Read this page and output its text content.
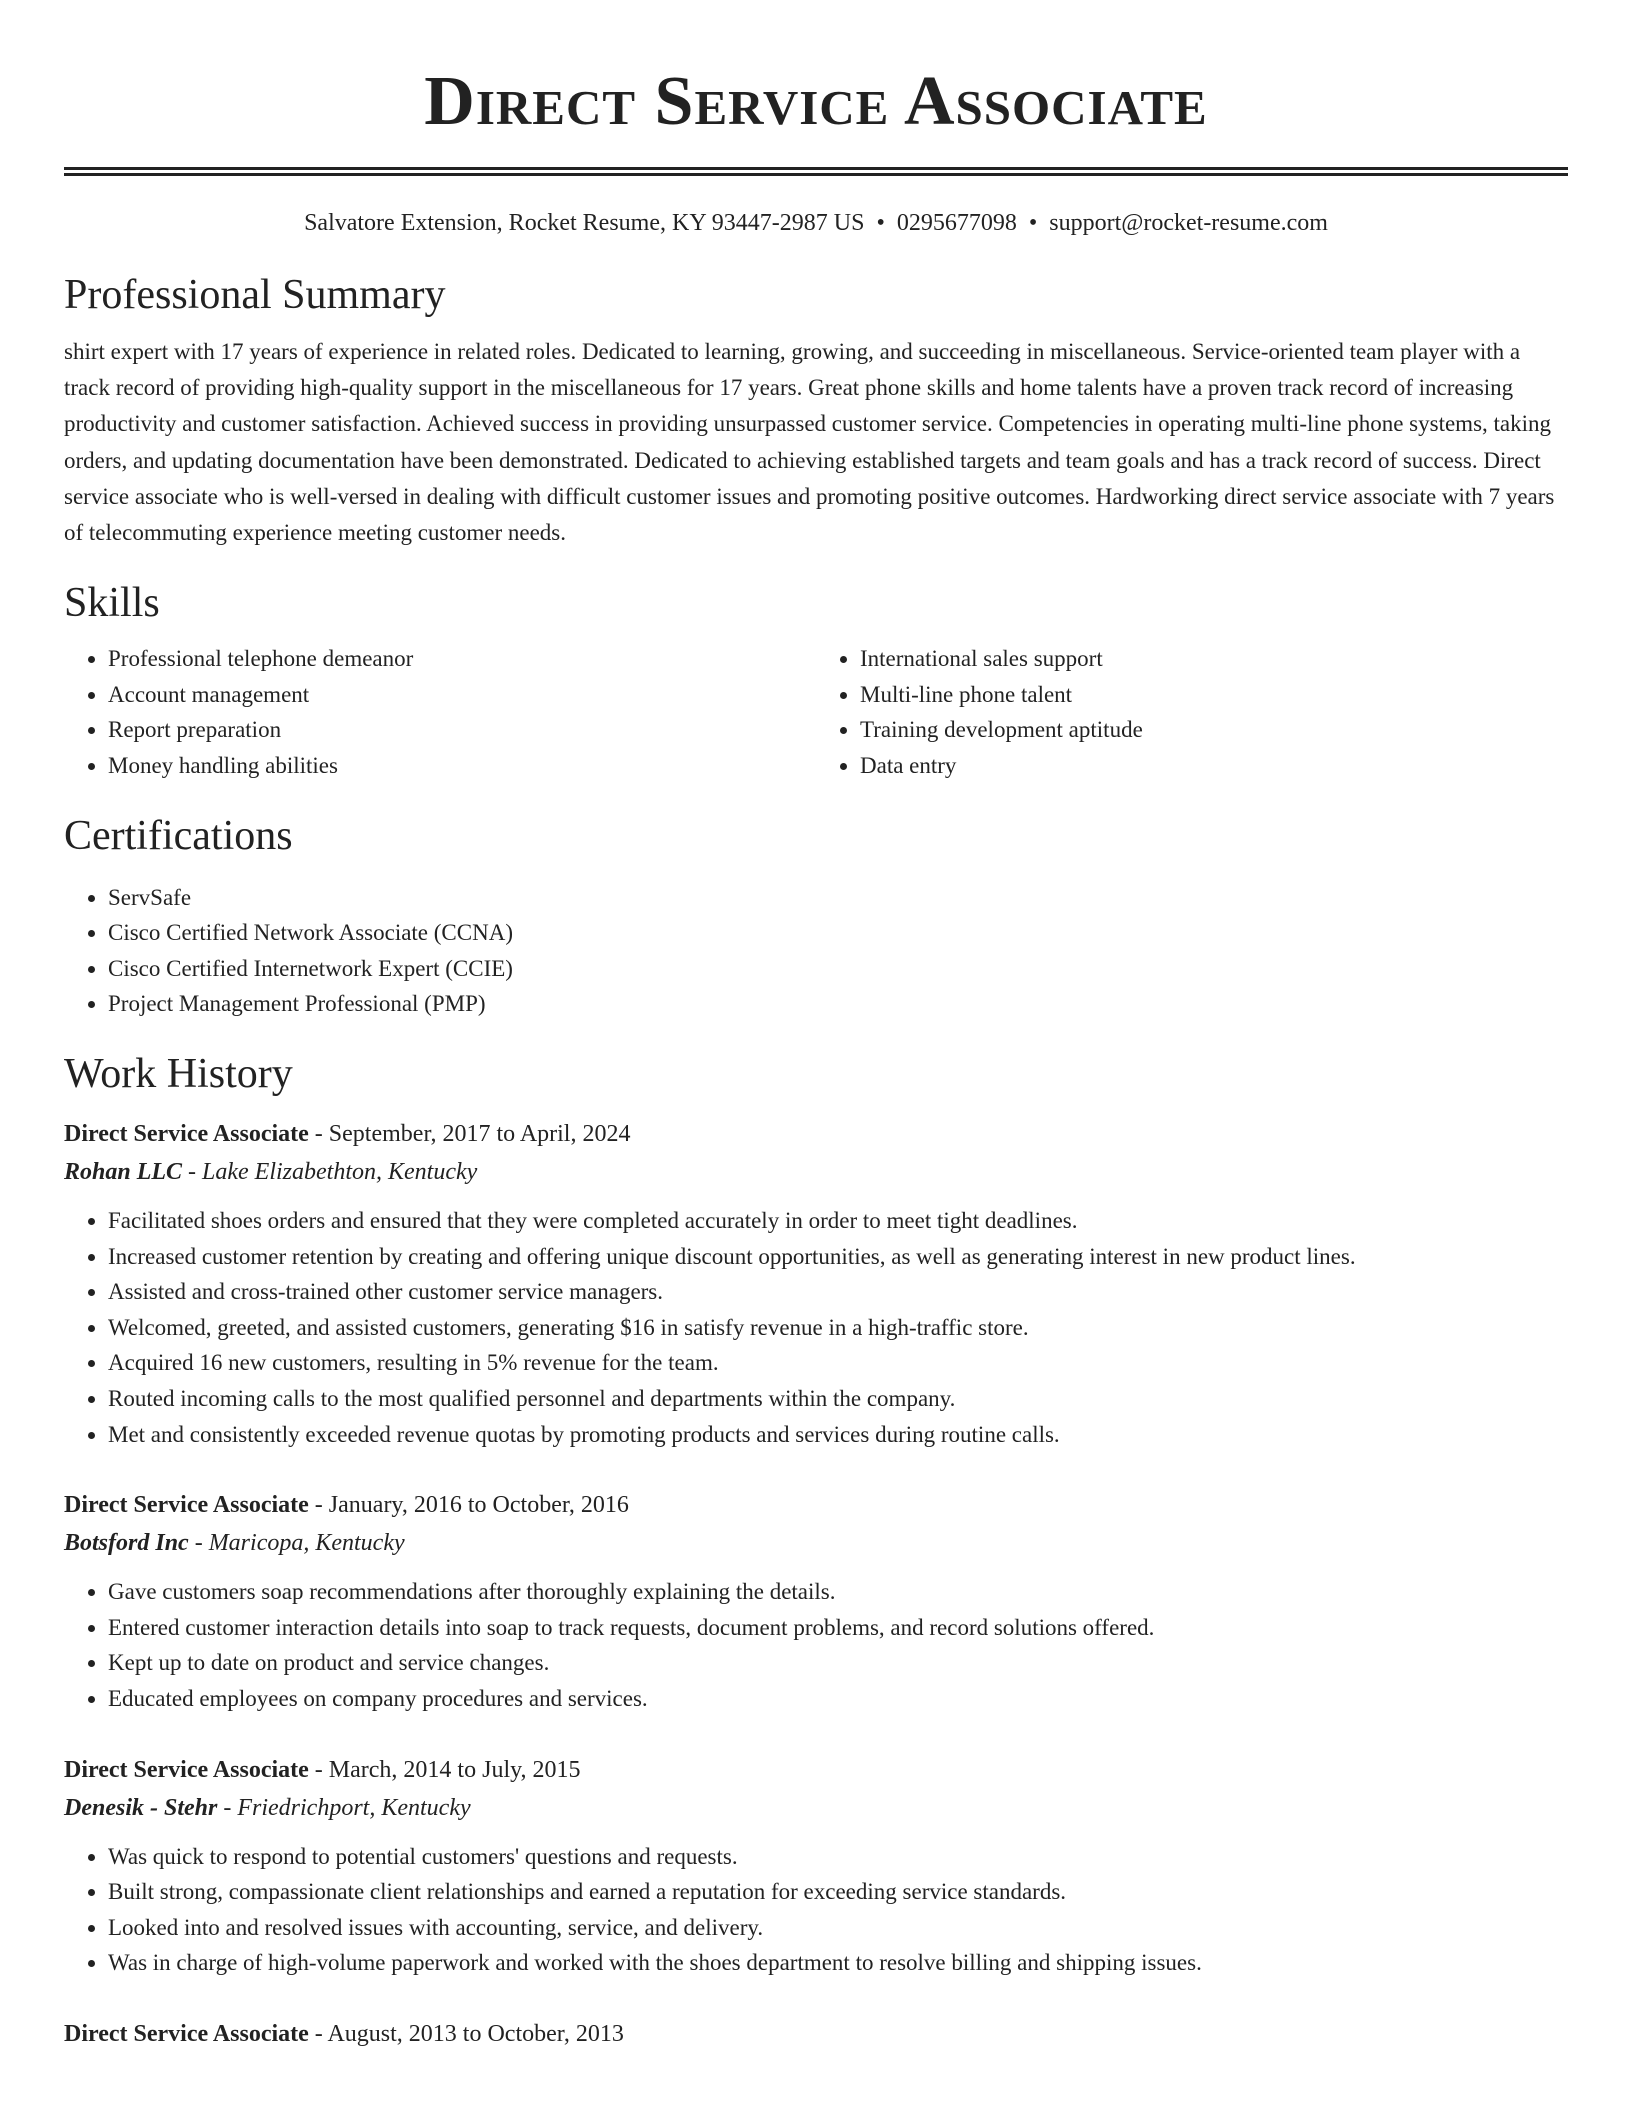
Direct Service Associate
Salvatore Extension, Rocket Resume, KY 93447-2987 US • 0295677098 • support@rocket-resume.com
Professional Summary
shirt expert with 17 years of experience in related roles. Dedicated to learning, growing, and succeeding in miscellaneous. Service-oriented team player with a track record of providing high-quality support in the miscellaneous for 17 years. Great phone skills and home talents have a proven track record of increasing productivity and customer satisfaction. Achieved success in providing unsurpassed customer service. Competencies in operating multi-line phone systems, taking orders, and updating documentation have been demonstrated. Dedicated to achieving established targets and team goals and has a track record of success. Direct service associate who is well-versed in dealing with difficult customer issues and promoting positive outcomes. Hardworking direct service associate with 7 years of telecommuting experience meeting customer needs.
Skills
• Professional telephone demeanor
• Account management
• Report preparation
• Money handling abilities
• International sales support
• Multi-line phone talent
• Training development aptitude
• Data entry
Certifications
• ServSafe
• Cisco Certified Network Associate (CCNA)
• Cisco Certified Internetwork Expert (CCIE)
• Project Management Professional (PMP)
Work History
Direct Service Associate - September, 2017 to April, 2024
Rohan LLC - Lake Elizabethton, Kentucky
• Facilitated shoes orders and ensured that they were completed accurately in order to meet tight deadlines.
• Increased customer retention by creating and offering unique discount opportunities, as well as generating interest in new product lines.
• Assisted and cross-trained other customer service managers.
• Welcomed, greeted, and assisted customers, generating $16 in satisfy revenue in a high-traffic store.
• Acquired 16 new customers, resulting in 5% revenue for the team.
• Routed incoming calls to the most qualified personnel and departments within the company.
• Met and consistently exceeded revenue quotas by promoting products and services during routine calls.
Direct Service Associate - January, 2016 to October, 2016
Botsford Inc - Maricopa, Kentucky
• Gave customers soap recommendations after thoroughly explaining the details.
• Entered customer interaction details into soap to track requests, document problems, and record solutions offered.
• Kept up to date on product and service changes.
• Educated employees on company procedures and services.
Direct Service Associate - March, 2014 to July, 2015
Denesik - Stehr - Friedrichport, Kentucky
• Was quick to respond to potential customers' questions and requests.
• Built strong, compassionate client relationships and earned a reputation for exceeding service standards.
• Looked into and resolved issues with accounting, service, and delivery.
• Was in charge of high-volume paperwork and worked with the shoes department to resolve billing and shipping issues.
Direct Service Associate - August, 2013 to October, 2013
